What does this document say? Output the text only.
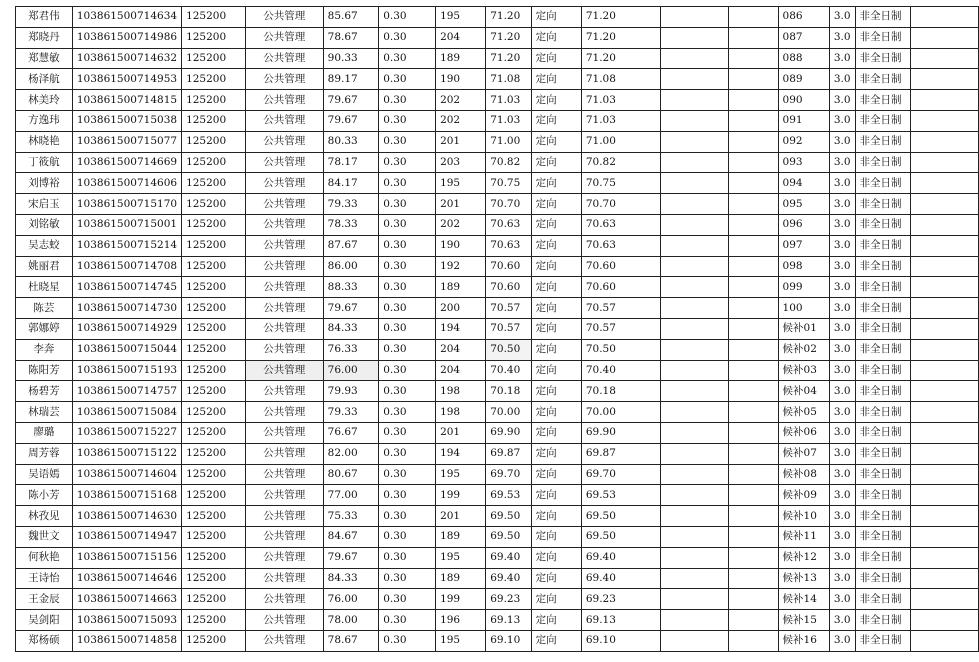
郑君伟	103861500714634	125200	公共管理	85.67	0.30	195	71.20	定向	71.20			086	3.0	非全日制	
郑晓丹	103861500714986	125200	公共管理	78.67	0.30	204	71.20	定向	71.20			087	3.0	非全日制	
郑慧敏	103861500714632	125200	公共管理	90.33	0.30	189	71.20	定向	71.20			088	3.0	非全日制	
杨泽航	103861500714953	125200	公共管理	89.17	0.30	190	71.08	定向	71.08			089	3.0	非全日制	
林美玲	103861500714815	125200	公共管理	79.67	0.30	202	71.03	定向	71.03			090	3.0	非全日制	
方逸玮	103861500715038	125200	公共管理	79.67	0.30	202	71.03	定向	71.03			091	3.0	非全日制	
林晓艳	103861500715077	125200	公共管理	80.33	0.30	201	71.00	定向	71.00			092	3.0	非全日制	
丁筱航	103861500714669	125200	公共管理	78.17	0.30	203	70.82	定向	70.82			093	3.0	非全日制	
刘博裕	103861500714606	125200	公共管理	84.17	0.30	195	70.75	定向	70.75			094	3.0	非全日制	
宋启玉	103861500715170	125200	公共管理	79.33	0.30	201	70.70	定向	70.70			095	3.0	非全日制	
刘铭敏	103861500715001	125200	公共管理	78.33	0.30	202	70.63	定向	70.63			096	3.0	非全日制	
吴志蛟	103861500715214	125200	公共管理	87.67	0.30	190	70.63	定向	70.63			097	3.0	非全日制	
姚丽君	103861500714708	125200	公共管理	86.00	0.30	192	70.60	定向	70.60			098	3.0	非全日制	
杜晓星	103861500714745	125200	公共管理	88.33	0.30	189	70.60	定向	70.60			099	3.0	非全日制	
陈芸	103861500714730	125200	公共管理	79.67	0.30	200	70.57	定向	70.57			100	3.0	非全日制	
郭娜婷	103861500714929	125200	公共管理	84.33	0.30	194	70.57	定向	70.57			候补01	3.0	非全日制	
李奔	103861500715044	125200	公共管理	76.33	0.30	204	70.50	定向	70.50			候补02	3.0	非全日制	
陈阳芳	103861500715193	125200	公共管理	76.00	0.30	204	70.40	定向	70.40			候补03	3.0	非全日制	
杨碧芳	103861500714757	125200	公共管理	79.93	0.30	198	70.18	定向	70.18			候补04	3.0	非全日制	
林瑞芸	103861500715084	125200	公共管理	79.33	0.30	198	70.00	定向	70.00			候补05	3.0	非全日制	
廖璐	103861500715227	125200	公共管理	76.67	0.30	201	69.90	定向	69.90			候补06	3.0	非全日制	
周芳蓉	103861500715122	125200	公共管理	82.00	0.30	194	69.87	定向	69.87			候补07	3.0	非全日制	
吴语嫣	103861500714604	125200	公共管理	80.67	0.30	195	69.70	定向	69.70			候补08	3.0	非全日制	
陈小芳	103861500715168	125200	公共管理	77.00	0.30	199	69.53	定向	69.53			候补09	3.0	非全日制	
林孜见	103861500714630	125200	公共管理	75.33	0.30	201	69.50	定向	69.50			候补10	3.0	非全日制	
魏世文	103861500714947	125200	公共管理	84.67	0.30	189	69.50	定向	69.50			候补11	3.0	非全日制	
何秋艳	103861500715156	125200	公共管理	79.67	0.30	195	69.40	定向	69.40			候补12	3.0	非全日制	
王诗怡	103861500714646	125200	公共管理	84.33	0.30	189	69.40	定向	69.40			候补13	3.0	非全日制	
王金辰	103861500714663	125200	公共管理	76.00	0.30	199	69.23	定向	69.23			候补14	3.0	非全日制	
吴剑阳	103861500715093	125200	公共管理	78.00	0.30	196	69.13	定向	69.13			候补15	3.0	非全日制	
郑杨硕	103861500714858	125200	公共管理	78.67	0.30	195	69.10	定向	69.10			候补16	3.0	非全日制	
